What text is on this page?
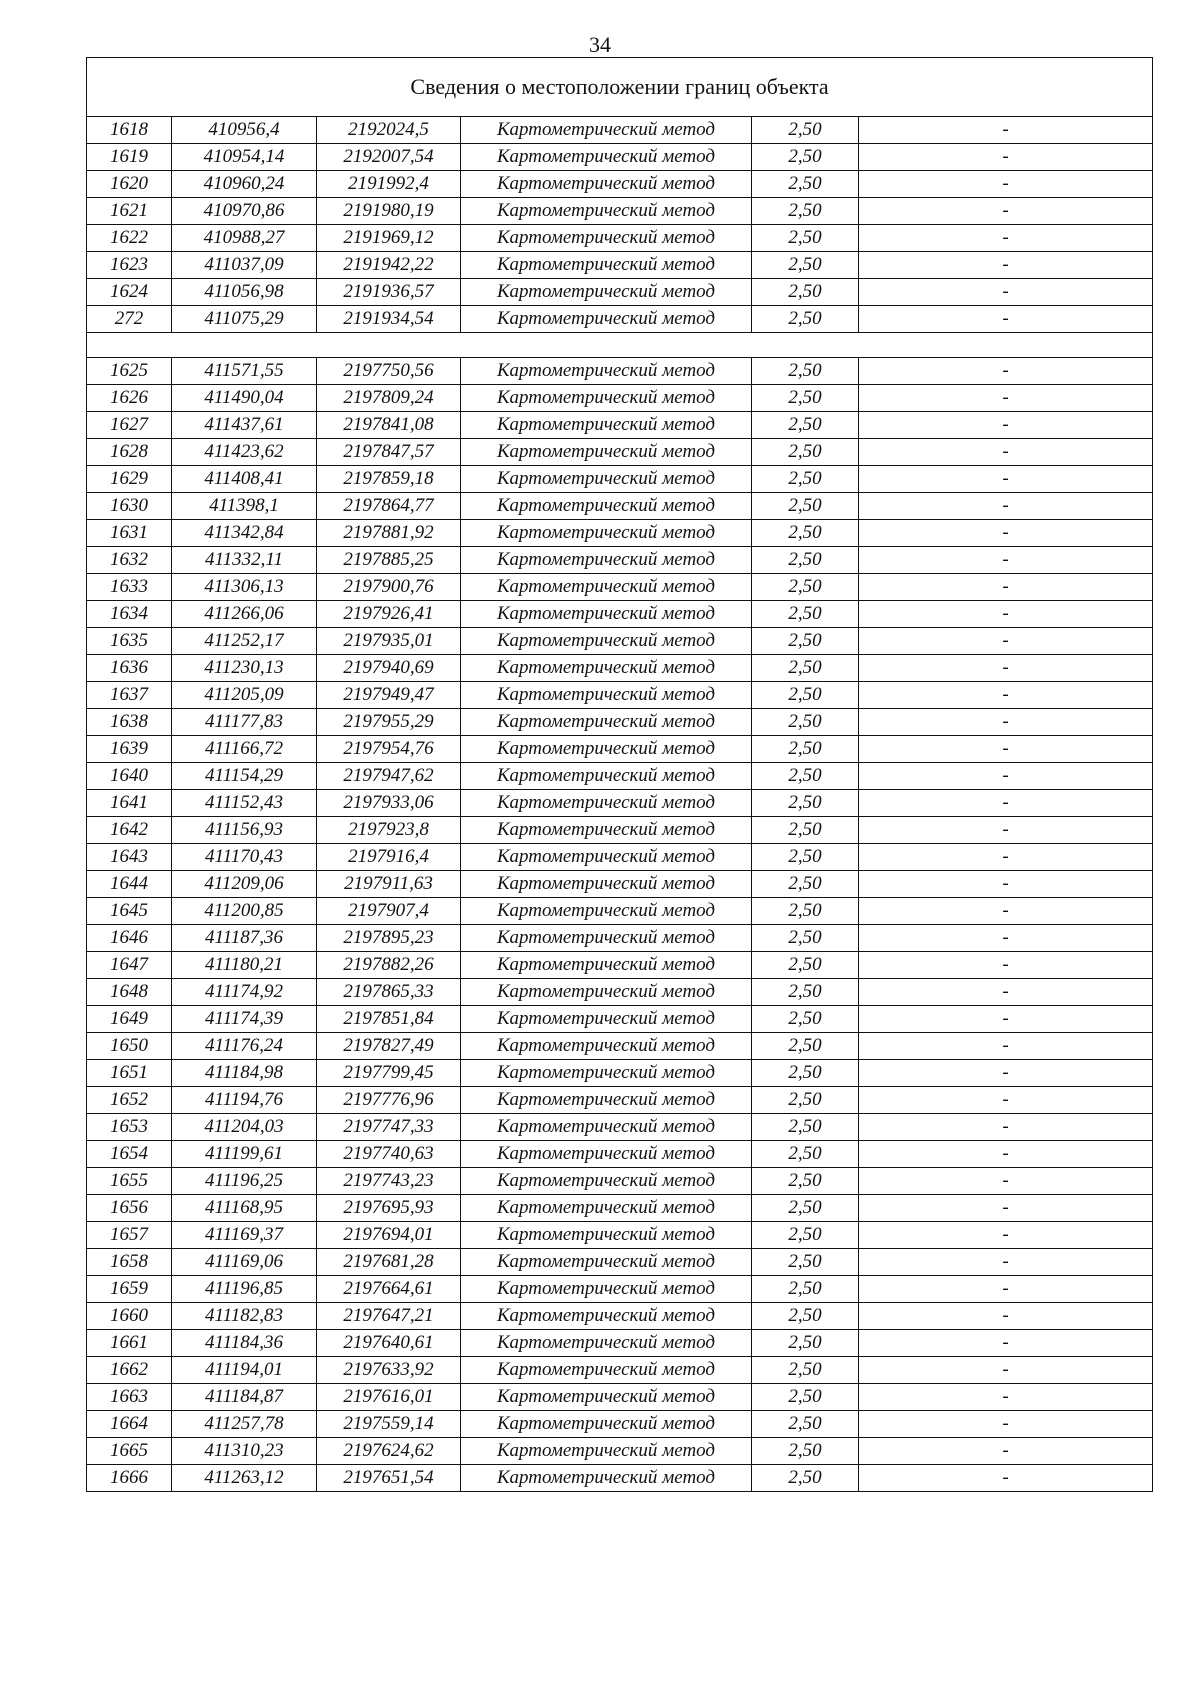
34
Сведения о местоположении границ объекта					
1618	410956,4	2192024,5	Картометрический метод	2,50	-
1619	410954,14	2192007,54	Картометрический метод	2,50	-
1620	410960,24	2191992,4	Картометрический метод	2,50	-
1621	410970,86	2191980,19	Картометрический метод	2,50	-
1622	410988,27	2191969,12	Картометрический метод	2,50	-
1623	411037,09	2191942,22	Картометрический метод	2,50	-
1624	411056,98	2191936,57	Картометрический метод	2,50	-
272	411075,29	2191934,54	Картометрический метод	2,50	-

1625	411571,55	2197750,56	Картометрический метод	2,50	-
1626	411490,04	2197809,24	Картометрический метод	2,50	-
1627	411437,61	2197841,08	Картометрический метод	2,50	-
1628	411423,62	2197847,57	Картометрический метод	2,50	-
1629	411408,41	2197859,18	Картометрический метод	2,50	-
1630	411398,1	2197864,77	Картометрический метод	2,50	-
1631	411342,84	2197881,92	Картометрический метод	2,50	-
1632	411332,11	2197885,25	Картометрический метод	2,50	-
1633	411306,13	2197900,76	Картометрический метод	2,50	-
1634	411266,06	2197926,41	Картометрический метод	2,50	-
1635	411252,17	2197935,01	Картометрический метод	2,50	-
1636	411230,13	2197940,69	Картометрический метод	2,50	-
1637	411205,09	2197949,47	Картометрический метод	2,50	-
1638	411177,83	2197955,29	Картометрический метод	2,50	-
1639	411166,72	2197954,76	Картометрический метод	2,50	-
1640	411154,29	2197947,62	Картометрический метод	2,50	-
1641	411152,43	2197933,06	Картометрический метод	2,50	-
1642	411156,93	2197923,8	Картометрический метод	2,50	-
1643	411170,43	2197916,4	Картометрический метод	2,50	-
1644	411209,06	2197911,63	Картометрический метод	2,50	-
1645	411200,85	2197907,4	Картометрический метод	2,50	-
1646	411187,36	2197895,23	Картометрический метод	2,50	-
1647	411180,21	2197882,26	Картометрический метод	2,50	-
1648	411174,92	2197865,33	Картометрический метод	2,50	-
1649	411174,39	2197851,84	Картометрический метод	2,50	-
1650	411176,24	2197827,49	Картометрический метод	2,50	-
1651	411184,98	2197799,45	Картометрический метод	2,50	-
1652	411194,76	2197776,96	Картометрический метод	2,50	-
1653	411204,03	2197747,33	Картометрический метод	2,50	-
1654	411199,61	2197740,63	Картометрический метод	2,50	-
1655	411196,25	2197743,23	Картометрический метод	2,50	-
1656	411168,95	2197695,93	Картометрический метод	2,50	-
1657	411169,37	2197694,01	Картометрический метод	2,50	-
1658	411169,06	2197681,28	Картометрический метод	2,50	-
1659	411196,85	2197664,61	Картометрический метод	2,50	-
1660	411182,83	2197647,21	Картометрический метод	2,50	-
1661	411184,36	2197640,61	Картометрический метод	2,50	-
1662	411194,01	2197633,92	Картометрический метод	2,50	-
1663	411184,87	2197616,01	Картометрический метод	2,50	-
1664	411257,78	2197559,14	Картометрический метод	2,50	-
1665	411310,23	2197624,62	Картометрический метод	2,50	-
1666	411263,12	2197651,54	Картометрический метод	2,50	-
